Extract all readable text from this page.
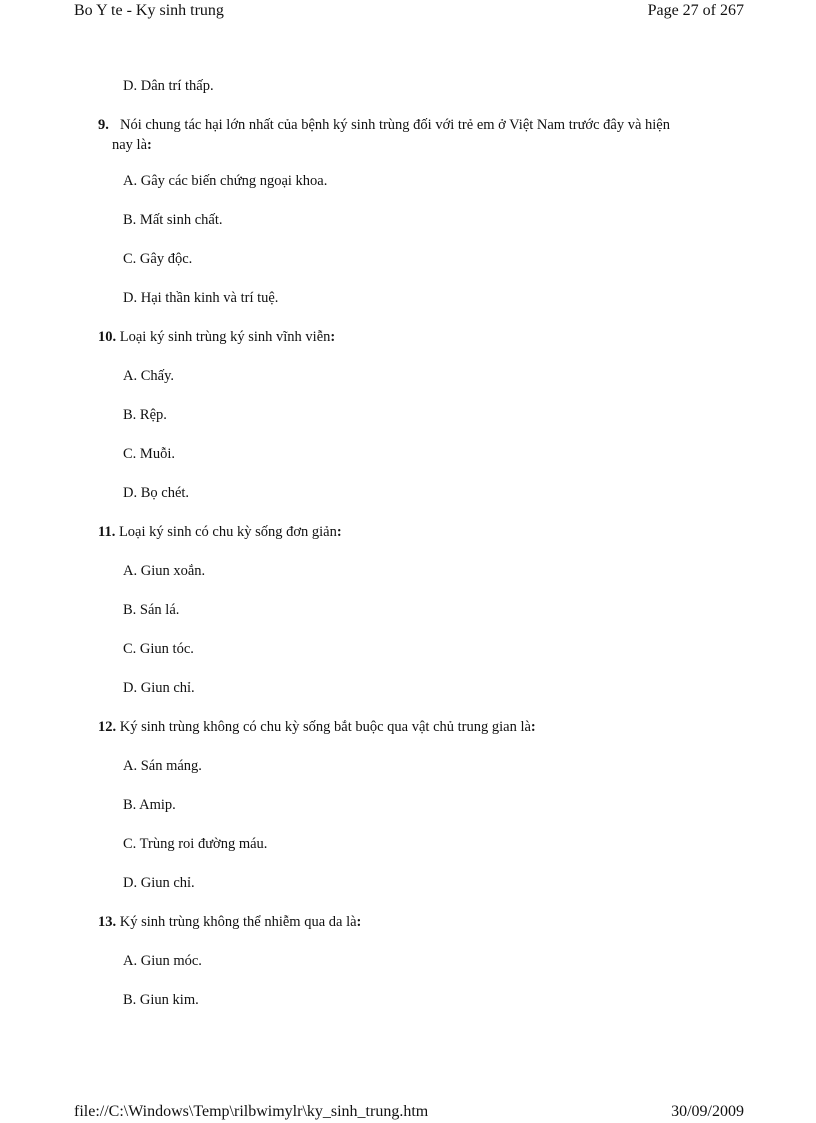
Bo Y te - Ky sinh trung	Page 27 of 267
D. Dân trí thấp.
9. Nói chung tác hại lớn nhất của bệnh ký sinh trùng đối với trẻ em ở Việt Nam trước đây và hiện
nay là:
A. Gây các biến chứng ngoại khoa.
B. Mất sinh chất.
C. Gây độc.
D. Hại thần kinh và trí tuệ.
10. Loại ký sinh trùng ký sinh vĩnh viễn:
A. Chấy.
B. Rệp.
C. Muỗi.
D. Bọ chét.
11. Loại ký sinh có chu kỳ sống đơn giản:
A. Giun xoắn.
B. Sán lá.
C. Giun tóc.
D. Giun chỉ.
12. Ký sinh trùng không có chu kỳ sống bắt buộc qua vật chủ trung gian là:
A. Sán máng.
B. Amip.
C. Trùng roi đường máu.
D. Giun chỉ.
13. Ký sinh trùng không thể nhiễm qua da là:
A. Giun móc.
B. Giun kim.
file://C:\Windows\Temp\rilbwimylr\ky_sinh_trung.htm	30/09/2009
